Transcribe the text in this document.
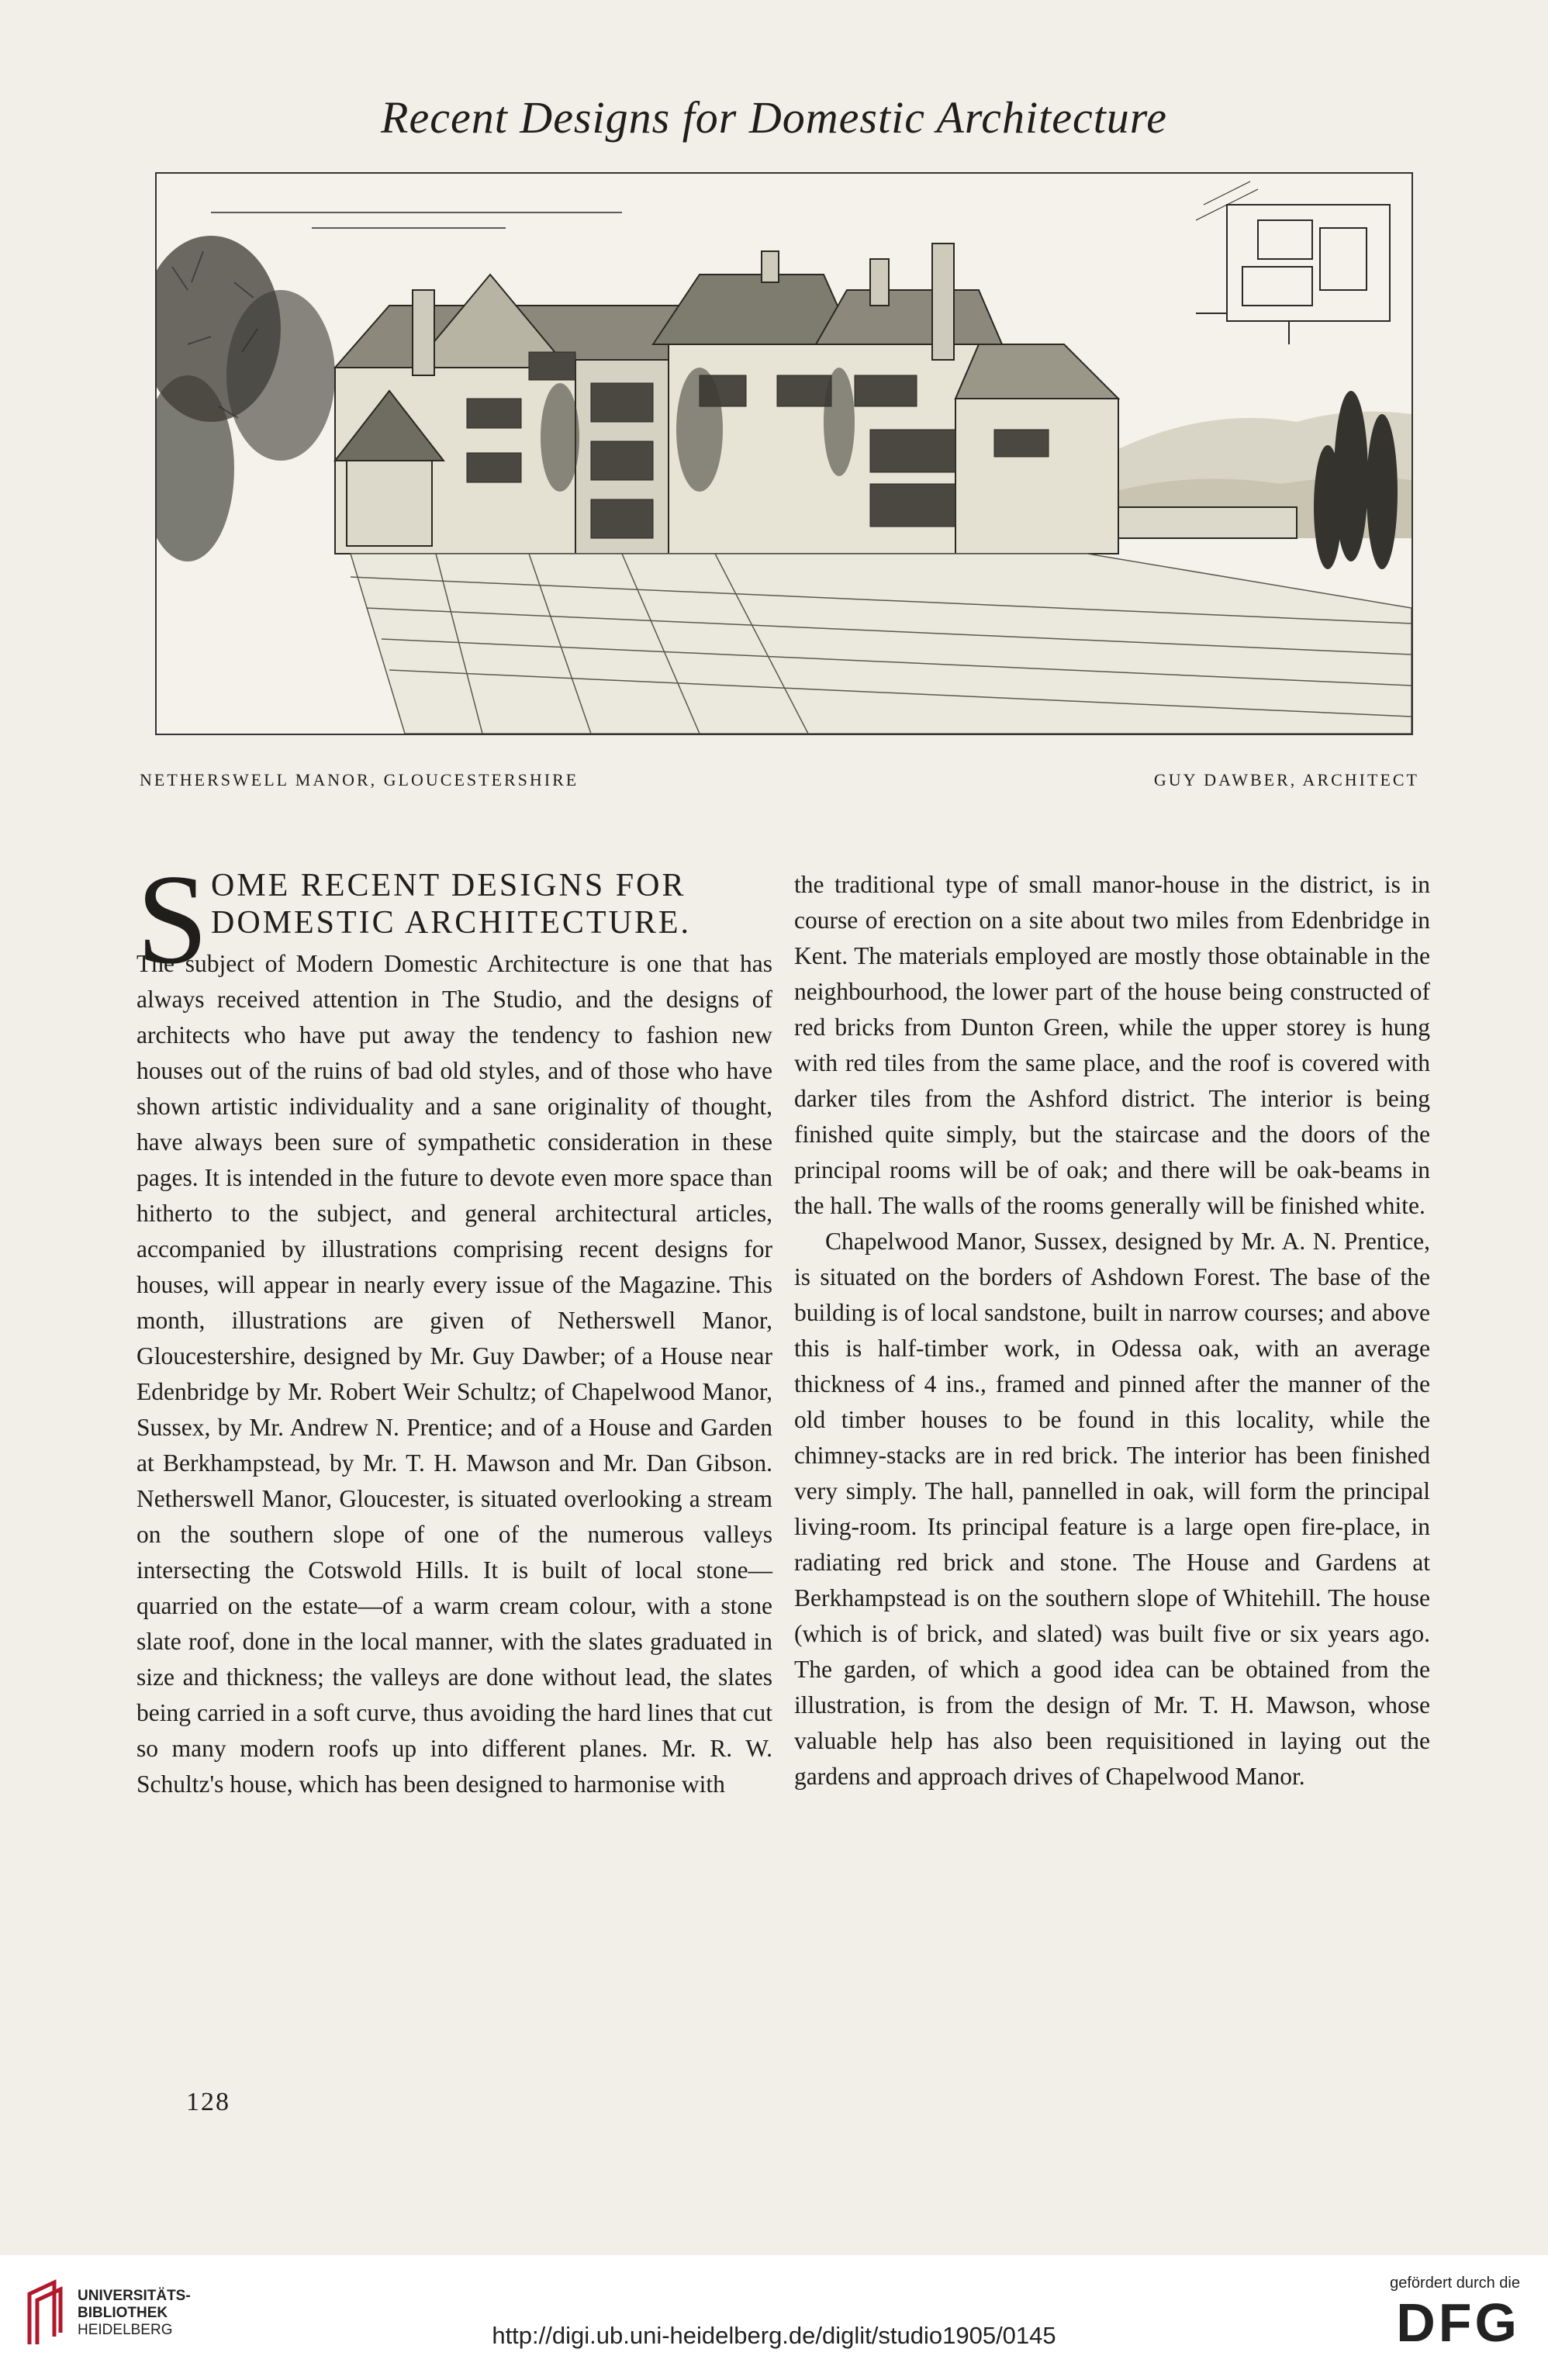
Recent Designs for Domestic Architecture
NETHERSWELL MANOR, GLOUCESTERSHIRE	GUY DAWBER, ARCHITECT
S OME RECENT DESIGNS FOR
DOMESTIC ARCHITECTURE.

The subject of Modern Domestic Architecture is one that has always received attention in The Studio, and the designs of architects who have put away the tendency to fashion new houses out of the ruins of bad old styles, and of those who have shown artistic individuality and a sane originality of thought, have always been sure of sympathetic consideration in these pages. It is intended in the future to devote even more space than hitherto to the subject, and general architectural articles, accompanied by illustrations comprising recent designs for houses, will appear in nearly every issue of the Magazine. This month, illustrations are given of Netherswell Manor, Gloucestershire, designed by Mr. Guy Dawber; of a House near Edenbridge by Mr. Robert Weir Schultz; of Chapelwood Manor, Sussex, by Mr. Andrew N. Prentice; and of a House and Garden at Berkhampstead, by Mr. T. H. Mawson and Mr. Dan Gibson. Netherswell Manor, Gloucester, is situated overlooking a stream on the southern slope of one of the numerous valleys intersecting the Cotswold Hills. It is built of local stone—quarried on the estate—of a warm cream colour, with a stone slate roof, done in the local manner, with the slates graduated in size and thickness; the valleys are done without lead, the slates being carried in a soft curve, thus avoiding the hard lines that cut so many modern roofs up into different planes. Mr. R. W. Schultz's house, which has been designed to harmonise with

the traditional type of small manor-house in the district, is in course of erection on a site about two miles from Edenbridge in Kent. The materials employed are mostly those obtainable in the neighbourhood, the lower part of the house being constructed of red bricks from Dunton Green, while the upper storey is hung with red tiles from the same place, and the roof is covered with darker tiles from the Ashford district. The interior is being finished quite simply, but the staircase and the doors of the principal rooms will be of oak; and there will be oak-beams in the hall. The walls of the rooms generally will be finished white.

Chapelwood Manor, Sussex, designed by Mr. A. N. Prentice, is situated on the borders of Ashdown Forest. The base of the building is of local sandstone, built in narrow courses; and above this is half-timber work, in Odessa oak, with an average thickness of 4 ins., framed and pinned after the manner of the old timber houses to be found in this locality, while the chimney-stacks are in red brick. The interior has been finished very simply. The hall, pannelled in oak, will form the principal living-room. Its principal feature is a large open fire-place, in radiating red brick and stone. The House and Gardens at Berkhampstead is on the southern slope of Whitehill. The house (which is of brick, and slated) was built five or six years ago. The garden, of which a good idea can be obtained from the illustration, is from the design of Mr. T. H. Mawson, whose valuable help has also been requisitioned in laying out the gardens and approach drives of Chapelwood Manor.

128
UNIVERSITÄTS-
BIBLIOTHEK
HEIDELBERG	http://digi.ub.uni-heidelberg.de/diglit/studio1905/0145
gefördert durch die
DFG
